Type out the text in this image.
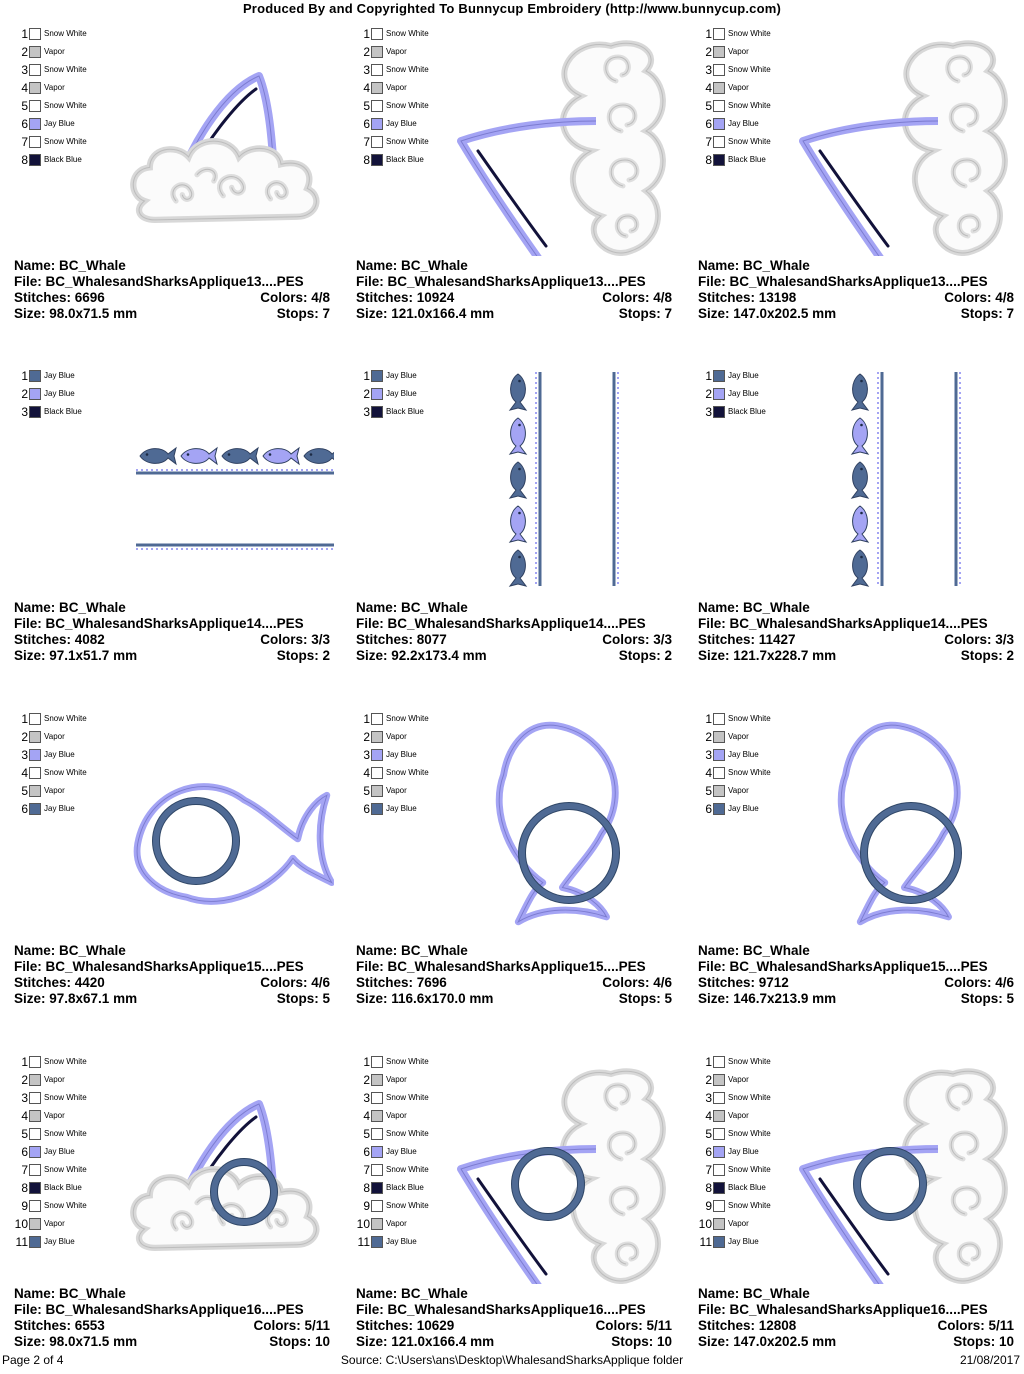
Produced By and Copyrighted To Bunnycup Embroidery (http://www.bunnycup.com)
1 Snow White
2 Vapor
3 Snow White
4 Vapor
5 Snow White
6 Jay Blue
7 Snow White
8 Black Blue
Name: BC_Whale
File: BC_WhalesandSharksApplique13....PES
Stitches: 6696	Colors: 4/8
Size: 98.0x71.5 mm	Stops: 7
1 Snow White
2 Vapor
3 Snow White
4 Vapor
5 Snow White
6 Jay Blue
7 Snow White
8 Black Blue
Name: BC_Whale
File: BC_WhalesandSharksApplique13....PES
Stitches: 10924	Colors: 4/8
Size: 121.0x166.4 mm	Stops: 7
1 Snow White
2 Vapor
3 Snow White
4 Vapor
5 Snow White
6 Jay Blue
7 Snow White
8 Black Blue
Name: BC_Whale
File: BC_WhalesandSharksApplique13....PES
Stitches: 13198	Colors: 4/8
Size: 147.0x202.5 mm	Stops: 7
1 Jay Blue
2 Jay Blue
3 Black Blue
Name: BC_Whale
File: BC_WhalesandSharksApplique14....PES
Stitches: 4082	Colors: 3/3
Size: 97.1x51.7 mm	Stops: 2
1 Jay Blue
2 Jay Blue
3 Black Blue
Name: BC_Whale
File: BC_WhalesandSharksApplique14....PES
Stitches: 8077	Colors: 3/3
Size: 92.2x173.4 mm	Stops: 2
1 Jay Blue
2 Jay Blue
3 Black Blue
Name: BC_Whale
File: BC_WhalesandSharksApplique14....PES
Stitches: 11427	Colors: 3/3
Size: 121.7x228.7 mm	Stops: 2
1 Snow White
2 Vapor
3 Jay Blue
4 Snow White
5 Vapor
6 Jay Blue
Name: BC_Whale
File: BC_WhalesandSharksApplique15....PES
Stitches: 4420	Colors: 4/6
Size: 97.8x67.1 mm	Stops: 5
1 Snow White
2 Vapor
3 Jay Blue
4 Snow White
5 Vapor
6 Jay Blue
Name: BC_Whale
File: BC_WhalesandSharksApplique15....PES
Stitches: 7696	Colors: 4/6
Size: 116.6x170.0 mm	Stops: 5
1 Snow White
2 Vapor
3 Jay Blue
4 Snow White
5 Vapor
6 Jay Blue
Name: BC_Whale
File: BC_WhalesandSharksApplique15....PES
Stitches: 9712	Colors: 4/6
Size: 146.7x213.9 mm	Stops: 5
1 Snow White
2 Vapor
3 Snow White
4 Vapor
5 Snow White
6 Jay Blue
7 Snow White
8 Black Blue
9 Snow White
10 Vapor
11 Jay Blue
Name: BC_Whale
File: BC_WhalesandSharksApplique16....PES
Stitches: 6553	Colors: 5/11
Size: 98.0x71.5 mm	Stops: 10
1 Snow White
2 Vapor
3 Snow White
4 Vapor
5 Snow White
6 Jay Blue
7 Snow White
8 Black Blue
9 Snow White
10 Vapor
11 Jay Blue
Name: BC_Whale
File: BC_WhalesandSharksApplique16....PES
Stitches: 10629	Colors: 5/11
Size: 121.0x166.4 mm	Stops: 10
1 Snow White
2 Vapor
3 Snow White
4 Vapor
5 Snow White
6 Jay Blue
7 Snow White
8 Black Blue
9 Snow White
10 Vapor
11 Jay Blue
Name: BC_Whale
File: BC_WhalesandSharksApplique16....PES
Stitches: 12808	Colors: 5/11
Size: 147.0x202.5 mm	Stops: 10
Source: C:\Users\ans\Desktop\WhalesandSharksApplique folder
Page 2 of 4	21/08/2017
